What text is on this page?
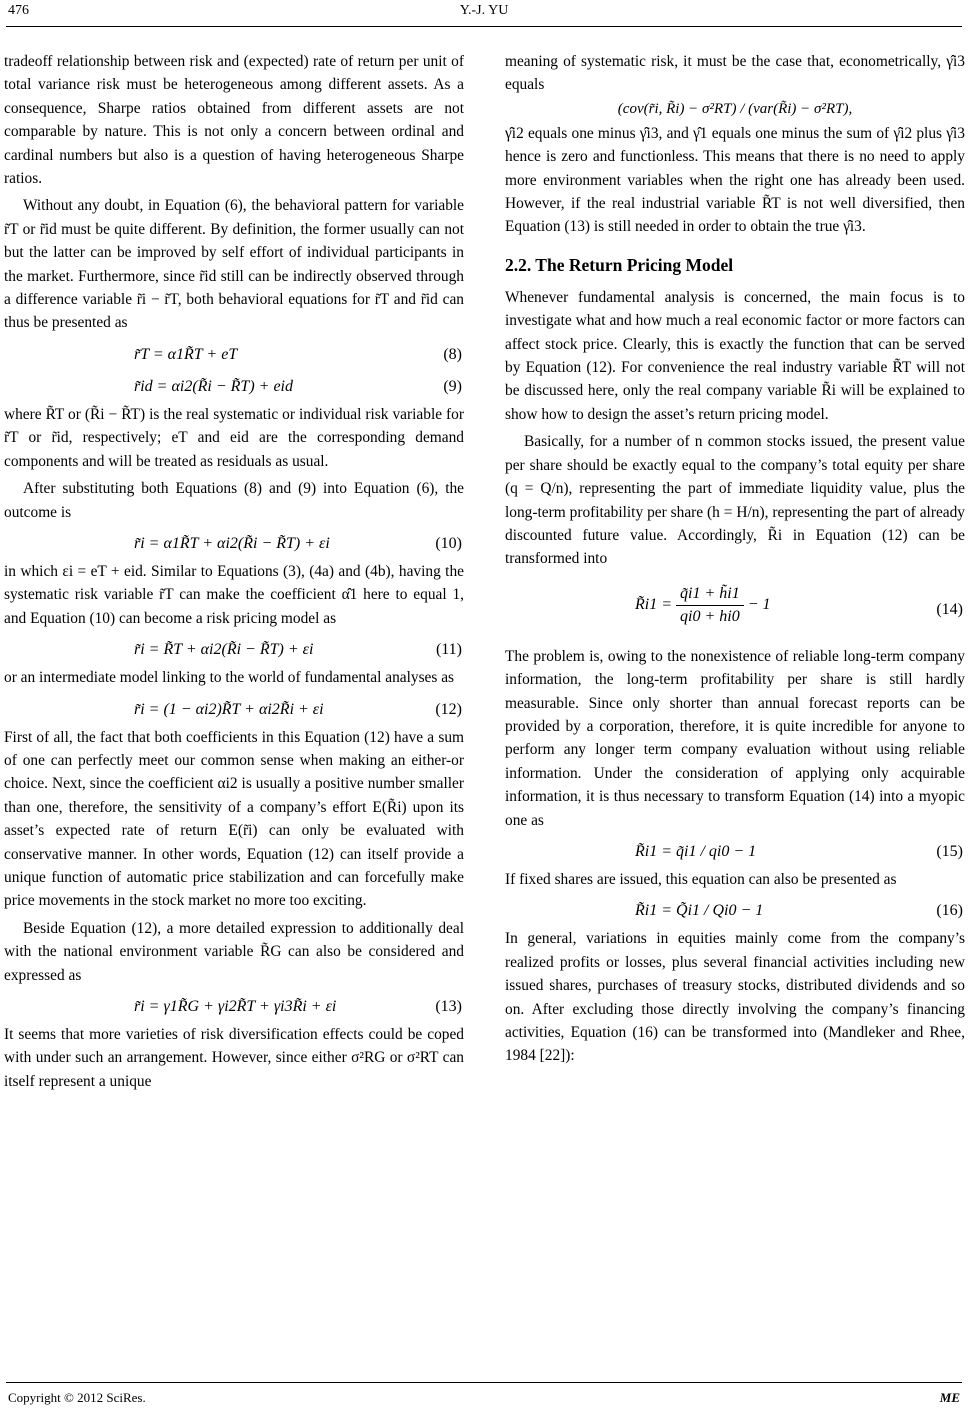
476	Y.-J. YU

tradeoff relationship between risk and (expected) rate of return per unit of total variance risk must be heterogeneous among different assets. As a consequence, Sharpe ratios obtained from different assets are not comparable by nature. This is not only a concern between ordinal and cardinal numbers but also is a question of having heterogeneous Sharpe ratios.

Without any doubt, in Equation (6), the behavioral pattern for variable r̃T or r̃id must be quite different. By definition, the former usually can not but the latter can be improved by self effort of individual participants in the market. Furthermore, since r̃id still can be indirectly observed through a difference variable r̃i − r̃T, both behavioral equations for r̃T and r̃id can thus be presented as

r̃T = α1R̃T + eT	(8)
r̃id = αi2(R̃i − R̃T) + eid	(9)

where R̃T or (R̃i − R̃T) is the real systematic or individual risk variable for r̃T or r̃id, respectively; eT and eid are the corresponding demand components and will be treated as residuals as usual.

After substituting both Equations (8) and (9) into Equation (6), the outcome is

r̃i = α1R̃T + αi2(R̃i − R̃T) + εi	(10)

in which εi = eT + eid. Similar to Equations (3), (4a) and (4b), having the systematic risk variable r̃T can make the coefficient α̂1 here to equal 1, and Equation (10) can become a risk pricing model as

r̃i = R̃T + αi2(R̃i − R̃T) + εi	(11)

or an intermediate model linking to the world of fundamental analyses as

r̃i = (1 − αi2)R̃T + αi2R̃i + εi	(12)

First of all, the fact that both coefficients in this Equation (12) have a sum of one can perfectly meet our common sense when making an either-or choice. Next, since the coefficient αi2 is usually a positive number smaller than one, therefore, the sensitivity of a company’s effort E(R̃i) upon its asset’s expected rate of return E(r̃i) can only be evaluated with conservative manner. In other words, Equation (12) can itself provide a unique function of automatic price stabilization and can forcefully make price movements in the stock market no more too exciting.

Beside Equation (12), a more detailed expression to additionally deal with the national environment variable R̃G can also be considered and expressed as

r̃i = γ1R̃G + γi2R̃T + γi3R̃i + εi	(13)

It seems that more varieties of risk diversification effects could be coped with under such an arrangement. However, since either σ²RG or σ²RT can itself represent a unique

meaning of systematic risk, it must be the case that, econometrically, γ̂i3 equals

(cov(r̃i, R̃i) − σ²RT) / (var(R̃i) − σ²RT),

γ̂i2 equals one minus γ̂i3, and γ̂1 equals one minus the sum of γ̂i2 plus γ̂i3 hence is zero and functionless. This means that there is no need to apply more environment variables when the right one has already been used. However, if the real industrial variable R̃T is not well diversified, then Equation (13) is still needed in order to obtain the true γ̂i3.

2.2. The Return Pricing Model

Whenever fundamental analysis is concerned, the main focus is to investigate what and how much a real economic factor or more factors can affect stock price. Clearly, this is exactly the function that can be served by Equation (12). For convenience the real industry variable R̃T will not be discussed here, only the real company variable R̃i will be explained to show how to design the asset’s return pricing model.

Basically, for a number of n common stocks issued, the present value per share should be exactly equal to the company’s total equity per share (q = Q/n), representing the part of immediate liquidity value, plus the long-term profitability per share (h = H/n), representing the part of already discounted future value. Accordingly, R̃i in Equation (12) can be transformed into

R̃i1 = $\frac{q̃i1 + h̃i1}{qi0 + hi0} - 1$	(14)

The problem is, owing to the nonexistence of reliable long-term company information, the long-term profitability per share is still hardly measurable. Since only shorter than annual forecast reports can be provided by a corporation, therefore, it is quite incredible for anyone to perform any longer term company evaluation without using reliable information. Under the consideration of applying only acquirable information, it is thus necessary to transform Equation (14) into a myopic one as

R̃i1 = q̃i1 / qi0 − 1	(15)

If fixed shares are issued, this equation can also be presented as

R̃i1 = Q̃i1 / Qi0 − 1	(16)

In general, variations in equities mainly come from the company’s realized profits or losses, plus several financial activities including new issued shares, purchases of treasury stocks, distributed dividends and so on. After excluding those directly involving the company’s financing activities, Equation (16) can be transformed into (Mandleker and Rhee, 1984 [22]):

Copyright © 2012 SciRes.	ME
